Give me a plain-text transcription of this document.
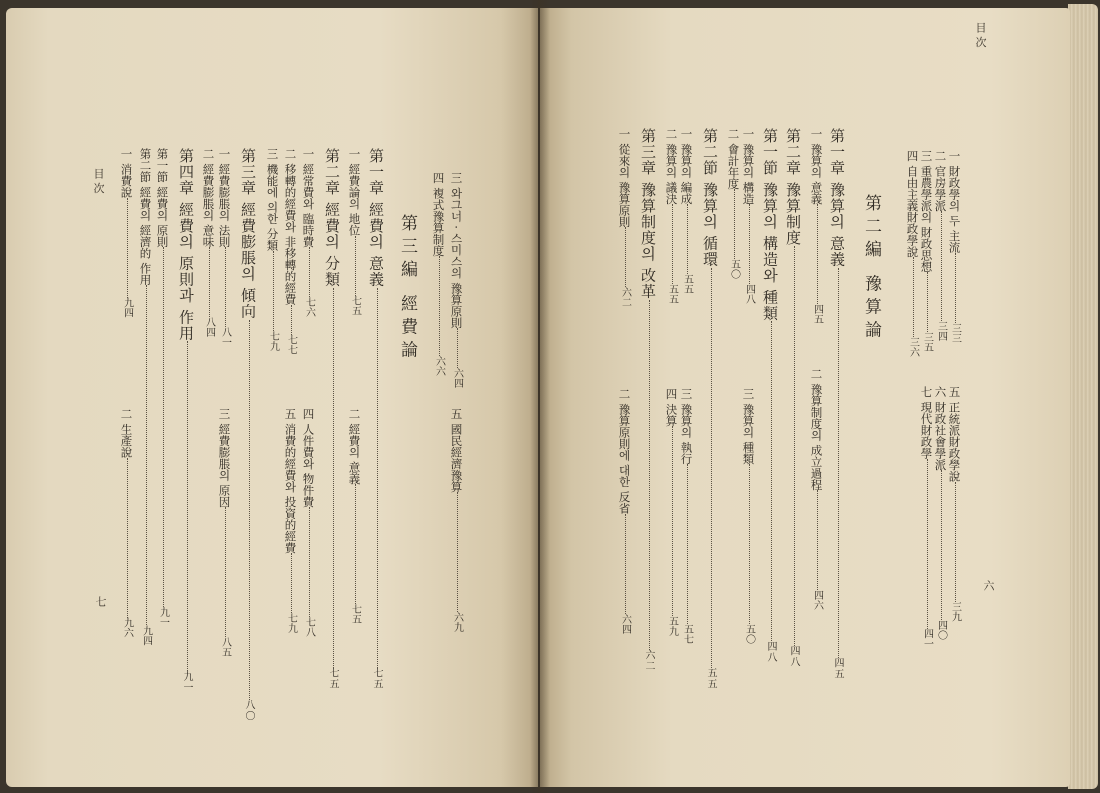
目 次
六
一 財政學의 두 主流三三
二 官房學派三四
三 重農學派의 財政思想三五
四 自由主義財政學說三六
第二編 豫算論
第一章 豫算의 意義四五
一 豫算의 意義四五
第二章 豫算制度四八
第一節 豫算의 構造와 種類四八
一 豫算의 構造四八
二 會計年度五〇
第二節 豫算의 循環五五
一 豫算의 編成五五
二 豫算의 議決五五
第三章 豫算制度의 改革六二
一 從來의 豫算原則六二
五 正統派財政學說三九
六 財政社會學派四〇
七 現代財政學四一
二 豫算制度의 成立過程四六
三 豫算의 種類五〇
三 豫算의 執行五七
四 決算五九
二 豫算原則에 대한 反省六四
目 次
七
三 와그너 · 스미스의 豫算原則六四
四 複式豫算制度六六
第三編 經費論
第一章 經費의 意義七五
一 經費論의 地位七五
第二章 經費의 分類七五
一 經常費와 臨時費七六
二 移轉的經費와 非移轉的經費七七
三 機能에 의한 分類七九
第三章 經費膨脹의 傾向八〇
一 經費膨脹의 法則八一
二 經費膨脹의 意味八四
第四章 經費의 原則과 作用九一
第一節 經費의 原則九一
第二節 經費의 經濟的 作用九四
一 消費說九四
五 國民經濟豫算六九
二 經費의 意義七五
四 人件費와 物件費七八
五 消費的經費와 投資的經費七九
三 經費膨脹의 原因八五
二 生產說九六
